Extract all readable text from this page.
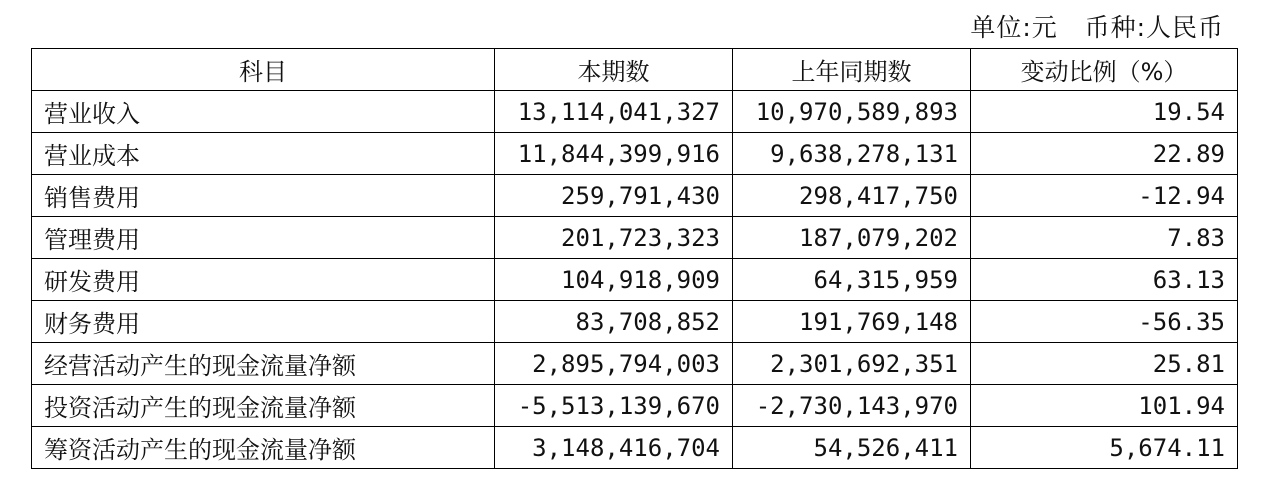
单位:元   币种:人民币
科目	本期数	上年同期数	变动比例（%）
营业收入	13,114,041,327	10,970,589,893	19.54
营业成本	11,844,399,916	9,638,278,131	22.89
销售费用	259,791,430	298,417,750	-12.94
管理费用	201,723,323	187,079,202	7.83
研发费用	104,918,909	64,315,959	63.13
财务费用	83,708,852	191,769,148	-56.35
经营活动产生的现金流量净额	2,895,794,003	2,301,692,351	25.81
投资活动产生的现金流量净额	-5,513,139,670	-2,730,143,970	101.94
筹资活动产生的现金流量净额	3,148,416,704	54,526,411	5,674.11
